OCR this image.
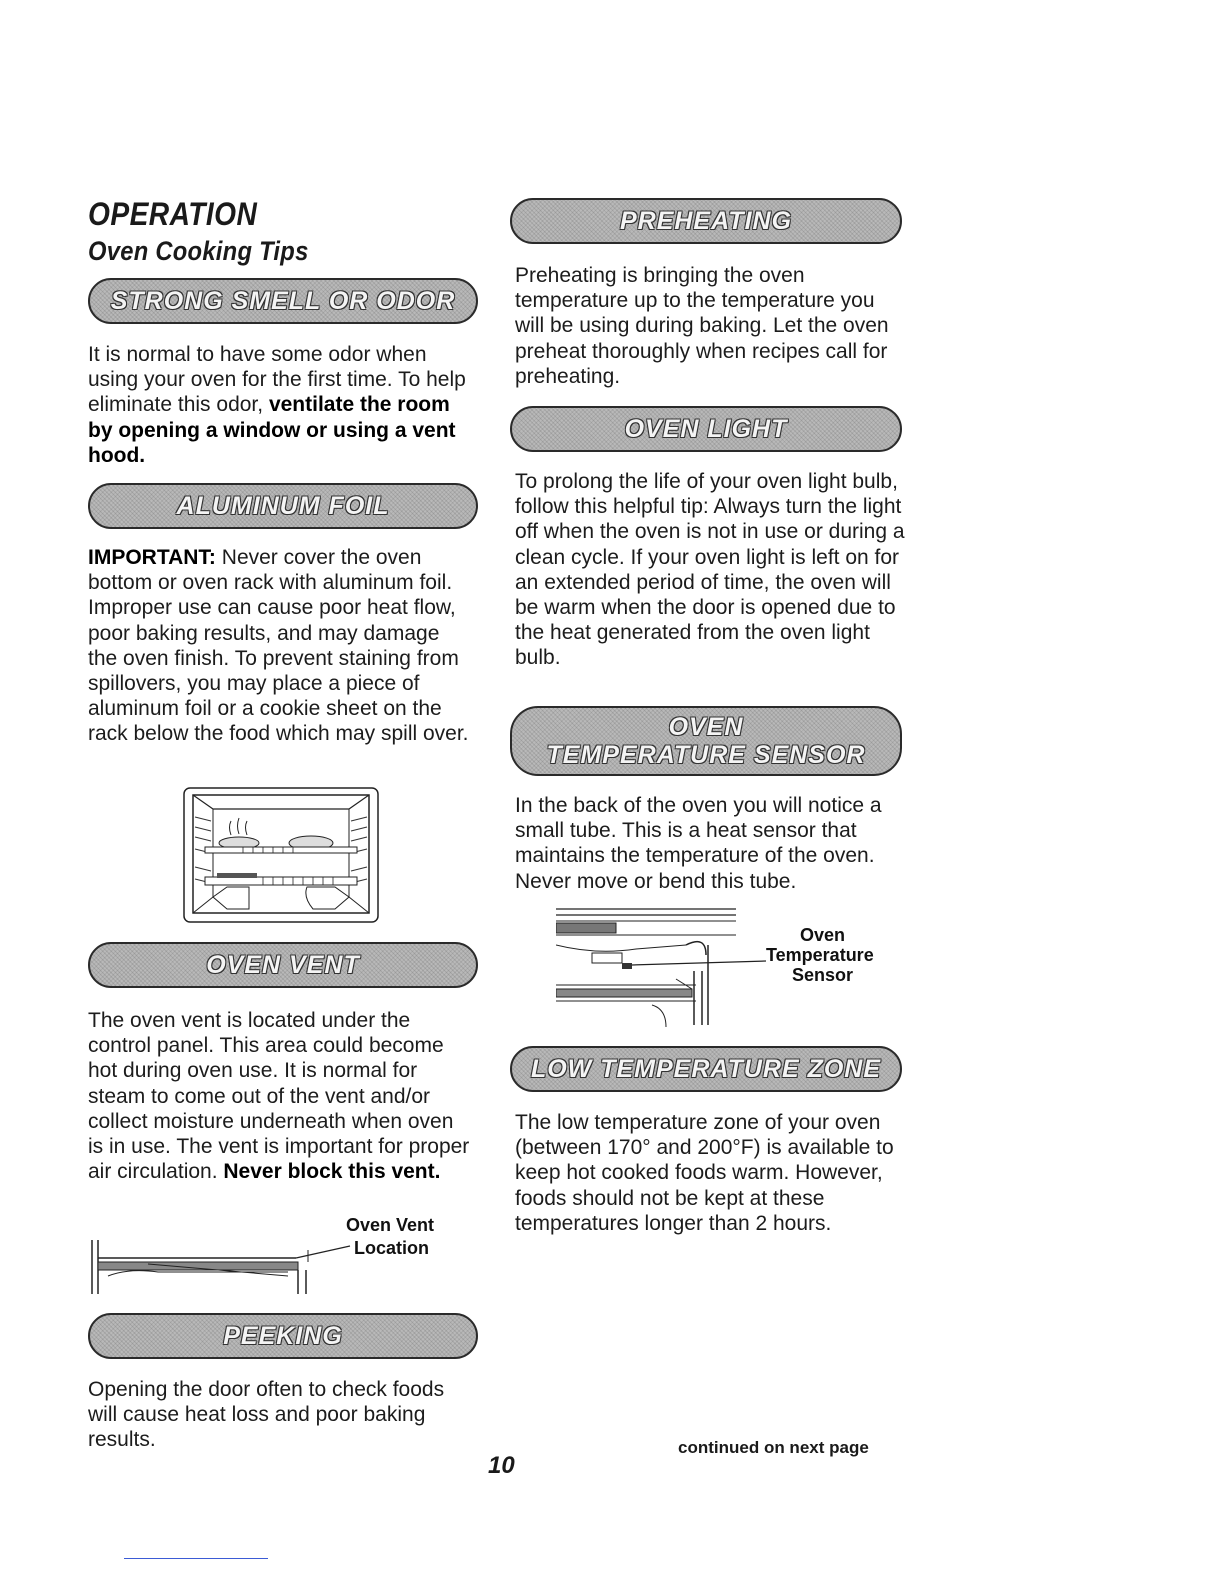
OPERATION
Oven Cooking Tips
STRONG SMELL OR ODOR
It is normal to have some odor when using your oven for the first time. To help eliminate this odor, ventilate the room by opening a window or using a vent hood.
ALUMINUM FOIL
IMPORTANT: Never cover the oven bottom or oven rack with aluminum foil. Improper use can cause poor heat flow, poor baking results, and may damage the oven finish. To prevent staining from spillovers, you may place a piece of aluminum foil or a cookie sheet on the rack below the food which may spill over.
OVEN VENT
The oven vent is located under the control panel. This area could become hot during oven use. It is normal for steam to come out of the vent and/or collect moisture underneath when oven is in use. The vent is important for proper air circulation. Never block this vent.
Oven Vent
Location
PEEKING
Opening the door often to check foods will cause heat loss and poor baking results.
PREHEATING
Preheating is bringing the oven temperature up to the temperature you will be using during baking. Let the oven preheat thoroughly when recipes call for preheating.
OVEN LIGHT
To prolong the life of your oven light bulb, follow this helpful tip: Always turn the light off when the oven is not in use or during a clean cycle. If your oven light is left on for an extended period of time, the oven will be warm when the door is opened due to the heat generated from the oven light bulb.
OVEN
TEMPERATURE SENSOR
In the back of the oven you will notice a small tube. This is a heat sensor that maintains the temperature of the oven. Never move or bend this tube.
Oven
Temperature
Sensor
LOW TEMPERATURE ZONE
The low temperature zone of your oven (between 170° and 200°F) is available to keep hot cooked foods warm. However, foods should not be kept at these temperatures longer than 2 hours.
10
continued on next page
